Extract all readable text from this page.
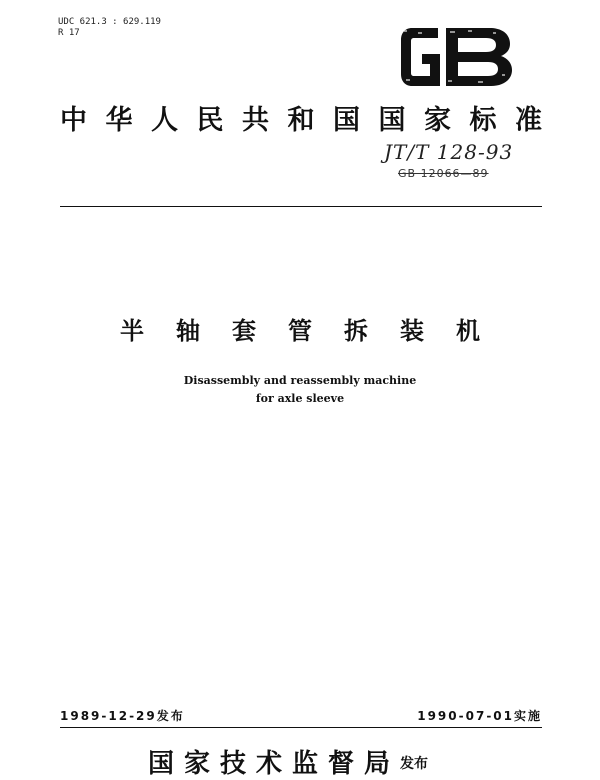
UDC 621.3 : 629.119
R 17
中 华 人 民 共 和 国 国 家 标 准
JT/T 128-93
GB 12066—89
半 轴 套 管 拆 装 机
Disassembly and reassembly machine
for axle sleeve
1989-12-29发布	1990-07-01实施
国 家 技 术 监 督 局 发布
